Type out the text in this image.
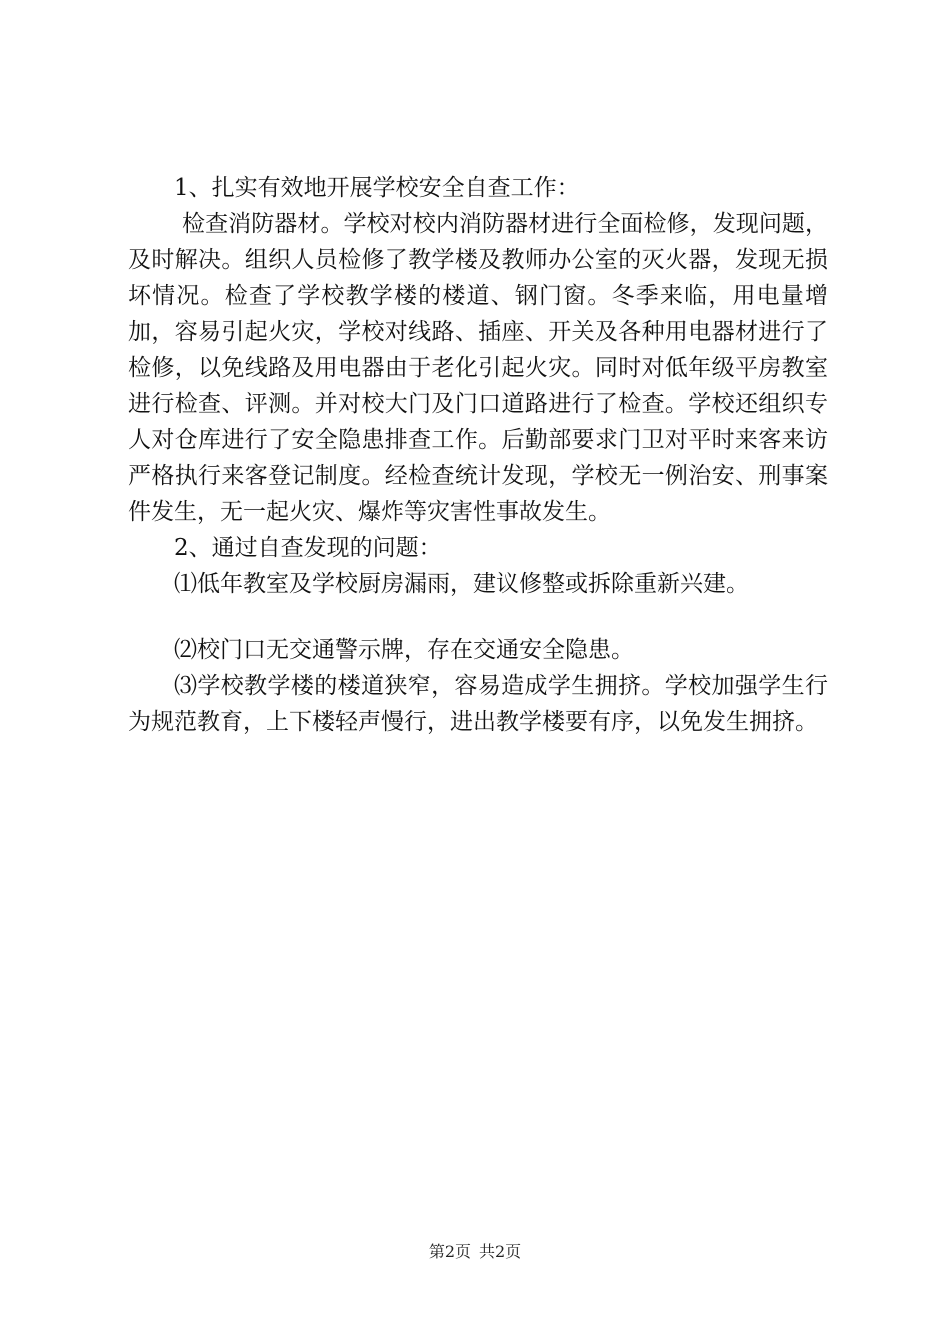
1、扎实有效地开展学校安全自查工作：

检查消防器材。学校对校内消防器材进行全面检修，发现问题，及时解决。组织人员检修了教学楼及教师办公室的灭火器，发现无损坏情况。检查了学校教学楼的楼道、钢门窗。冬季来临，用电量增加，容易引起火灾，学校对线路、插座、开关及各种用电器材进行了检修，以免线路及用电器由于老化引起火灾。同时对低年级平房教室进行检查、评测。并对校大门及门口道路进行了检查。学校还组织专人对仓库进行了安全隐患排查工作。后勤部要求门卫对平时来客来访严格执行来客登记制度。经检查统计发现，学校无一例治安、刑事案件发生，无一起火灾、爆炸等灾害性事故发生。

2、通过自查发现的问题：

⑴低年教室及学校厨房漏雨，建议修整或拆除重新兴建。

⑵校门口无交通警示牌，存在交通安全隐患。

⑶学校教学楼的楼道狭窄，容易造成学生拥挤。学校加强学生行为规范教育，上下楼轻声慢行，进出教学楼要有序，以免发生拥挤。

第2页 共2页
